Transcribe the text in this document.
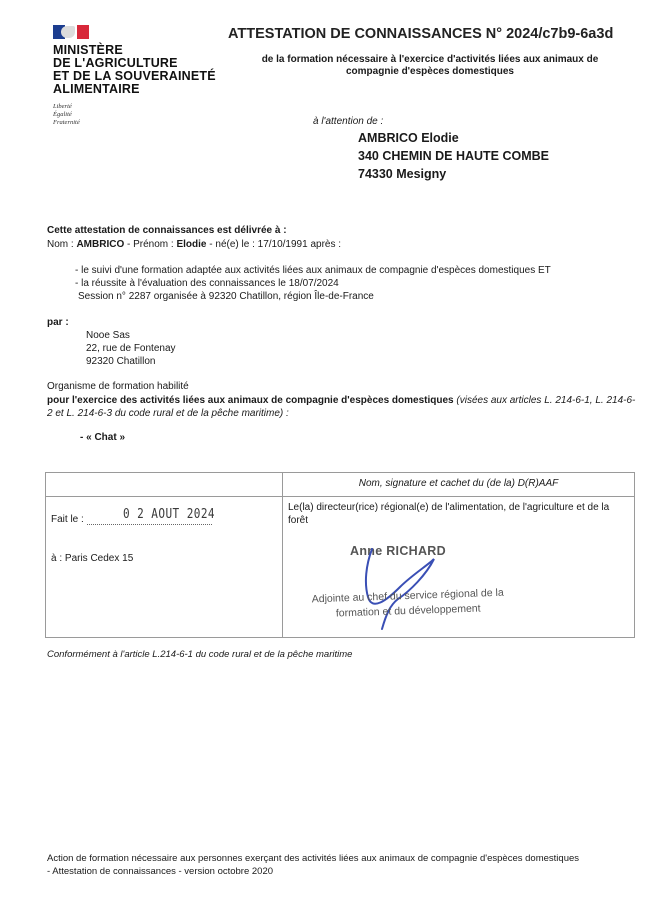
MINISTÈRE
DE L'AGRICULTURE
ET DE LA SOUVERAINETÉ
ALIMENTAIRE
Liberté
Égalité
Fraternité
ATTESTATION DE CONNAISSANCES N° 2024/c7b9-6a3d
de la formation nécessaire à l'exercice d'activités liées aux animaux de compagnie d'espèces domestiques
à l'attention de :
AMBRICO Elodie
340 CHEMIN DE HAUTE COMBE
74330 Mesigny
Cette attestation de connaissances est délivrée à :
Nom : AMBRICO - Prénom : Elodie - né(e) le : 17/10/1991 après :
- le suivi d'une formation adaptée aux activités liées aux animaux de compagnie d'espèces domestiques ET
- la réussite à l'évaluation des connaissances le 18/07/2024
Session n° 2287 organisée à 92320 Chatillon, région Île-de-France
par :
Nooe Sas
22, rue de Fontenay
92320 Chatillon
Organisme de formation habilité
pour l'exercice des activités liées aux animaux de compagnie d'espèces domestiques (visées aux articles L. 214-6-1, L. 214-6-2 et L. 214-6-3 du code rural et de la pêche maritime) :
- « Chat »
Nom, signature et cachet du (de la) D(R)AAF
Fait le :	0 2 AOUT 2024
à : Paris Cedex 15
Le(la) directeur(rice) régional(e) de l'alimentation, de l'agriculture et de la forêt
Anne RICHARD
Adjointe au chef du service régional de la
formation et du développement
Conformément à l'article L.214-6-1 du code rural et de la pêche maritime
Action de formation nécessaire aux personnes exerçant des activités liées aux animaux de compagnie d'espèces domestiques
- Attestation de connaissances - version octobre 2020
